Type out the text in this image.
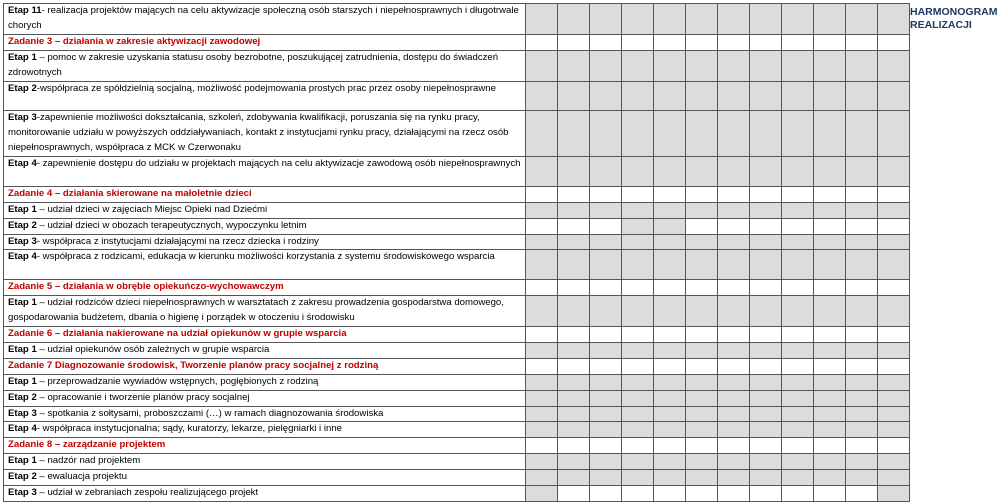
Etap 11- realizacja projektów mających na celu aktywizacje społeczną osób starszych i niepełnosprawnych i długotrwale chorych													HARMONOGRAM
REALIZACJI

Zadanie 3 – działania w zakresie aktywizacji zawodowej													
Etap 1 – pomoc w zakresie uzyskania statusu osoby bezrobotne, poszukującej zatrudnienia, dostępu do świadczeń zdrowotnych													
Etap 2-współpraca ze spółdzielnią socjalną, możliwość podejmowania prostych prac przez osoby niepełnosprawne													
Etap 3-zapewnienie możliwości dokształcania, szkoleń, zdobywania kwalifikacji, poruszania się na rynku pracy, monitorowanie udziału w powyższych oddziaływaniach, kontakt z instytucjami rynku pracy, działającymi na rzecz osób niepełnosprawnych, współpraca z MCK w Czerwonaku													
Etap 4- zapewnienie dostępu do udziału w projektach mających na celu aktywizacje zawodową osób niepełnosprawnych													
Zadanie 4 – działania skierowane na małoletnie dzieci													
Etap 1 – udział dzieci w zajęciach Miejsc Opieki nad Dziećmi													
Etap 2 – udział dzieci w obozach terapeutycznych, wypoczynku letnim													
Etap 3- współpraca z instytucjami działającymi na rzecz dziecka i rodziny													
Etap 4- współpraca z rodzicami, edukacja w kierunku możliwości korzystania z systemu środowiskowego wsparcia													
Zadanie 5 – działania w obrębie opiekuńczo-wychowawczym													
Etap 1 – udział rodziców dzieci niepełnosprawnych w warsztatach z zakresu prowadzenia gospodarstwa domowego, gospodarowania budżetem, dbania o higienę i porządek w otoczeniu i środowisku													
Zadanie 6 – działania nakierowane na udział opiekunów w grupie wsparcia													
Etap 1 – udział opiekunów osób zależnych w grupie wsparcia													
Zadanie 7 Diagnozowanie środowisk, Tworzenie planów pracy socjalnej z rodziną													
Etap 1 – przeprowadzanie wywiadów wstępnych, pogłębionych z rodziną													
Etap 2 – opracowanie i tworzenie planów pracy socjalnej													
Etap 3 – spotkania z sołtysami, proboszczami (…) w ramach diagnozowania środowiska													
Etap 4- współpraca instytucjonalna; sądy, kuratorzy, lekarze, pielęgniarki i inne													
Zadanie 8 – zarządzanie projektem													
Etap 1 – nadzór nad projektem													
Etap 2 – ewaluacja projektu													
Etap 3 – udział w zebraniach zespołu realizującego projekt													
